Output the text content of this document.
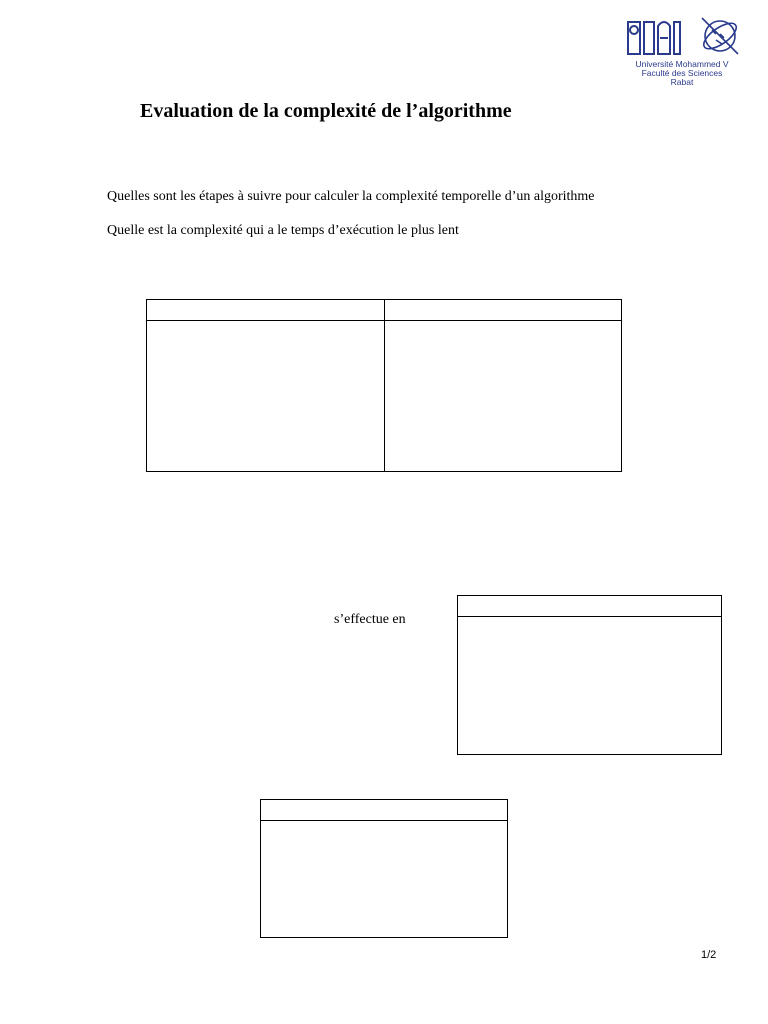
Université Mohammed V
Faculté des Sciences
Rabat
Evaluation de la complexité de l’algorithme
Quelles sont les étapes à suivre pour calculer la complexité temporelle d’un algorithme
Quelle est la complexité qui a le temps d’exécution le plus lent
s’effectue en
1/2
